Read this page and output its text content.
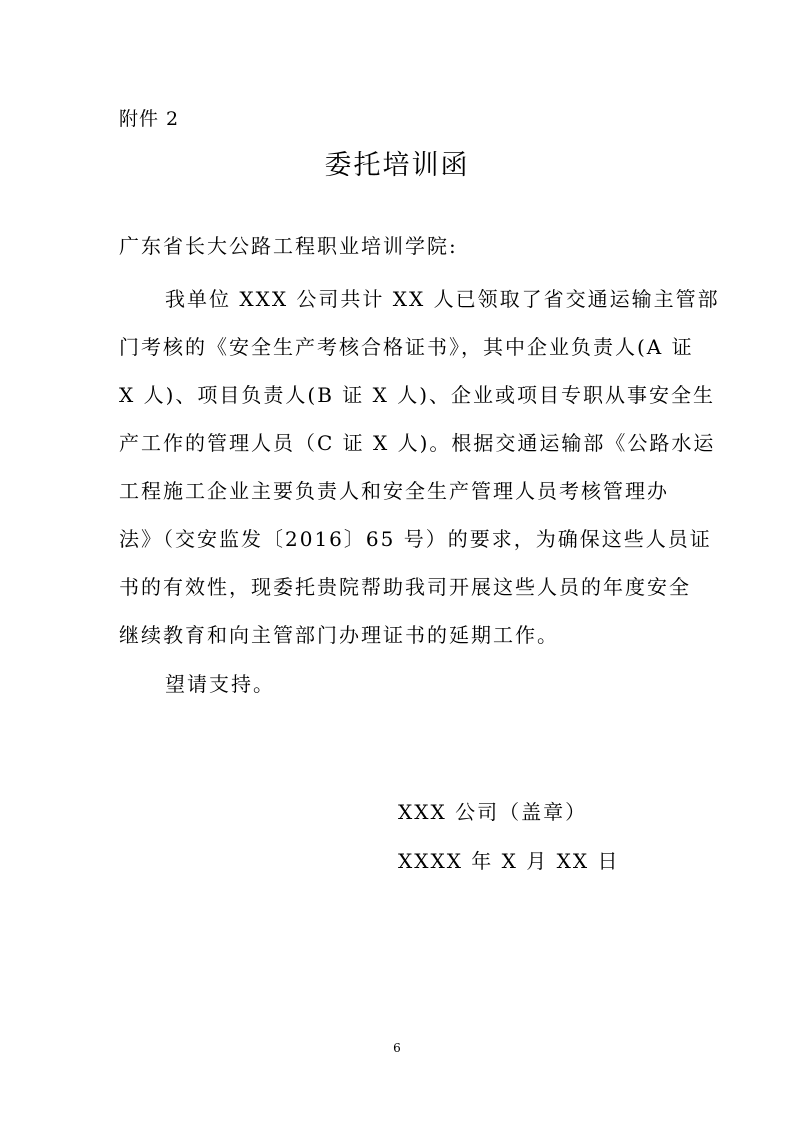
附件 2
委托培训函
广东省长大公路工程职业培训学院:
我单位 XXX 公司共计 XX 人已领取了省交通运输主管部
门考核的《安全生产考核合格证书》，其中企业负责人(A 证
X 人)、项目负责人(B 证 X 人)、企业或项目专职从事安全生
产工作的管理人员（C 证 X 人)。根据交通运输部《公路水运
工程施工企业主要负责人和安全生产管理人员考核管理办
法》（交安监发〔2016〕65 号）的要求，为确保这些人员证
书的有效性，现委托贵院帮助我司开展这些人员的年度安全
继续教育和向主管部门办理证书的延期工作。
望请支持。
XXX 公司（盖章）
XXXX 年 X 月 XX 日
6
